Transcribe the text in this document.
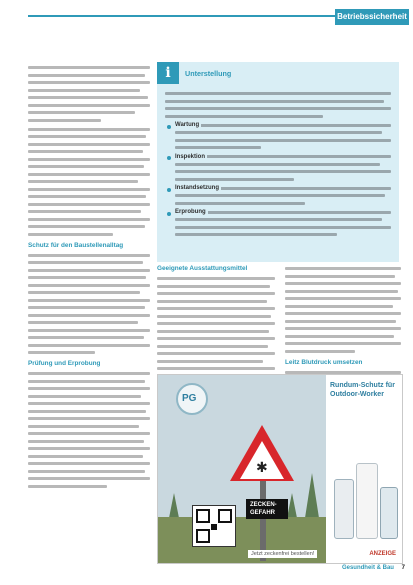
Betriebssicherheit
Schutz für den Baustellenalltag
Prüfung und Erprobung
i	Unterstellung
Wartung
Inspektion
Instandsetzung
Erprobung
Geeignete Ausstattungsmittel
Leitz Blutdruck umsetzen
PG
✱
ZECKEN-GEFAHR
Rundum-Schutz für Outdoor-Worker
Jetzt zeckenfrei bestellen!	ANZEIGE
Gesundheit & Bau 7
